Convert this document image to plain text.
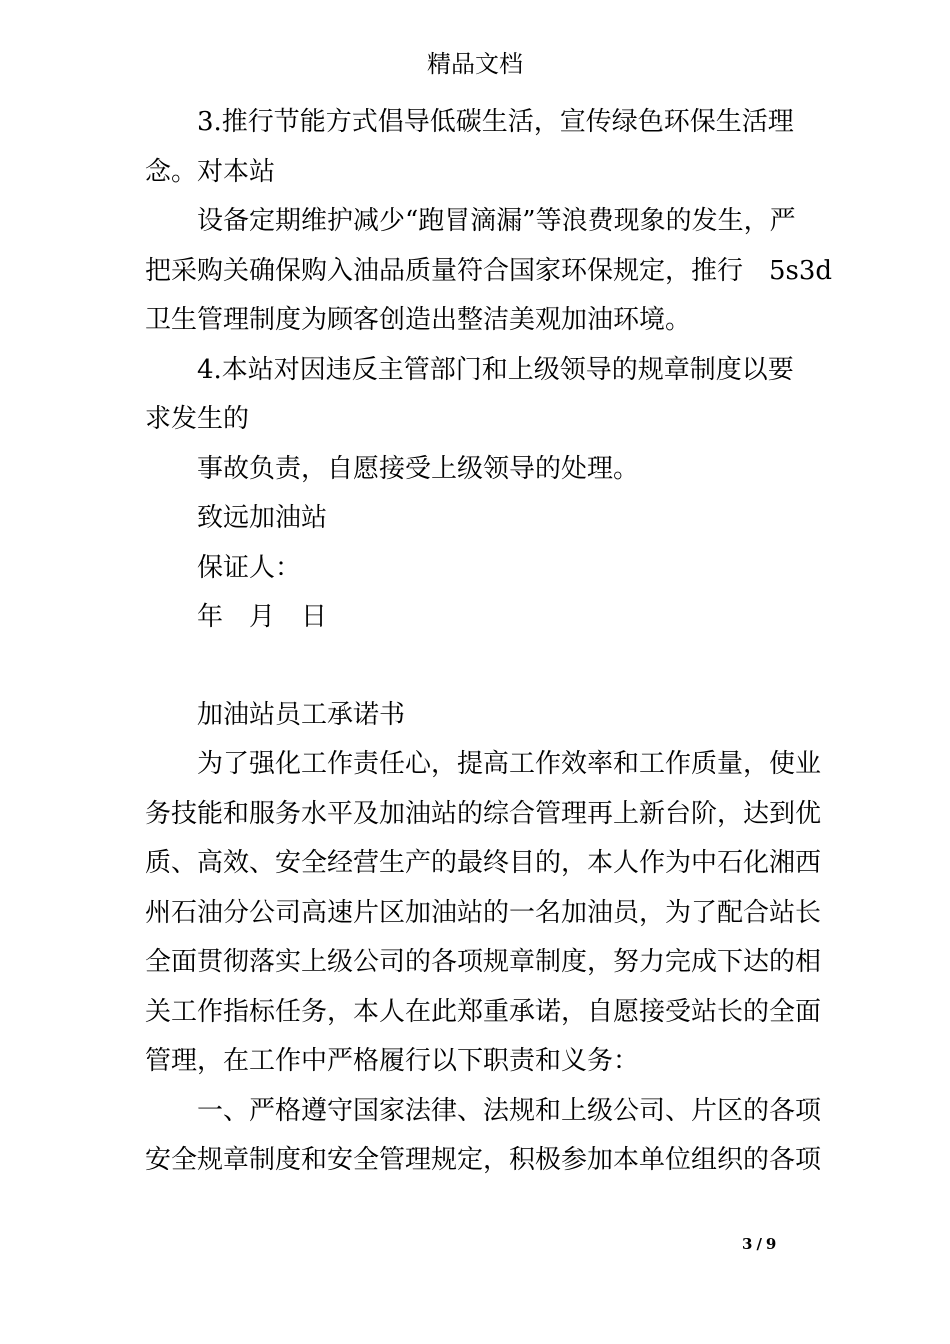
精品文档

3.推行节能方式倡导低碳生活，宣传绿色环保生活理

念。对本站

设备定期维护减少“跑冒滴漏”等浪费现象的发生，严

把采购关确保购入油品质量符合国家环保规定，推行　5s3d

卫生管理制度为顾客创造出整洁美观加油环境。

4.本站对因违反主管部门和上级领导的规章制度以要

求发生的

事故负责，自愿接受上级领导的处理。

致远加油站

保证人：

年　月　日

加油站员工承诺书

为了强化工作责任心，提高工作效率和工作质量，使业

务技能和服务水平及加油站的综合管理再上新台阶，达到优

质、高效、安全经营生产的最终目的，本人作为中石化湘西

州石油分公司高速片区加油站的一名加油员，为了配合站长

全面贯彻落实上级公司的各项规章制度，努力完成下达的相

关工作指标任务，本人在此郑重承诺，自愿接受站长的全面

管理，在工作中严格履行以下职责和义务：

一、严格遵守国家法律、法规和上级公司、片区的各项

安全规章制度和安全管理规定，积极参加本单位组织的各项

3 / 9
